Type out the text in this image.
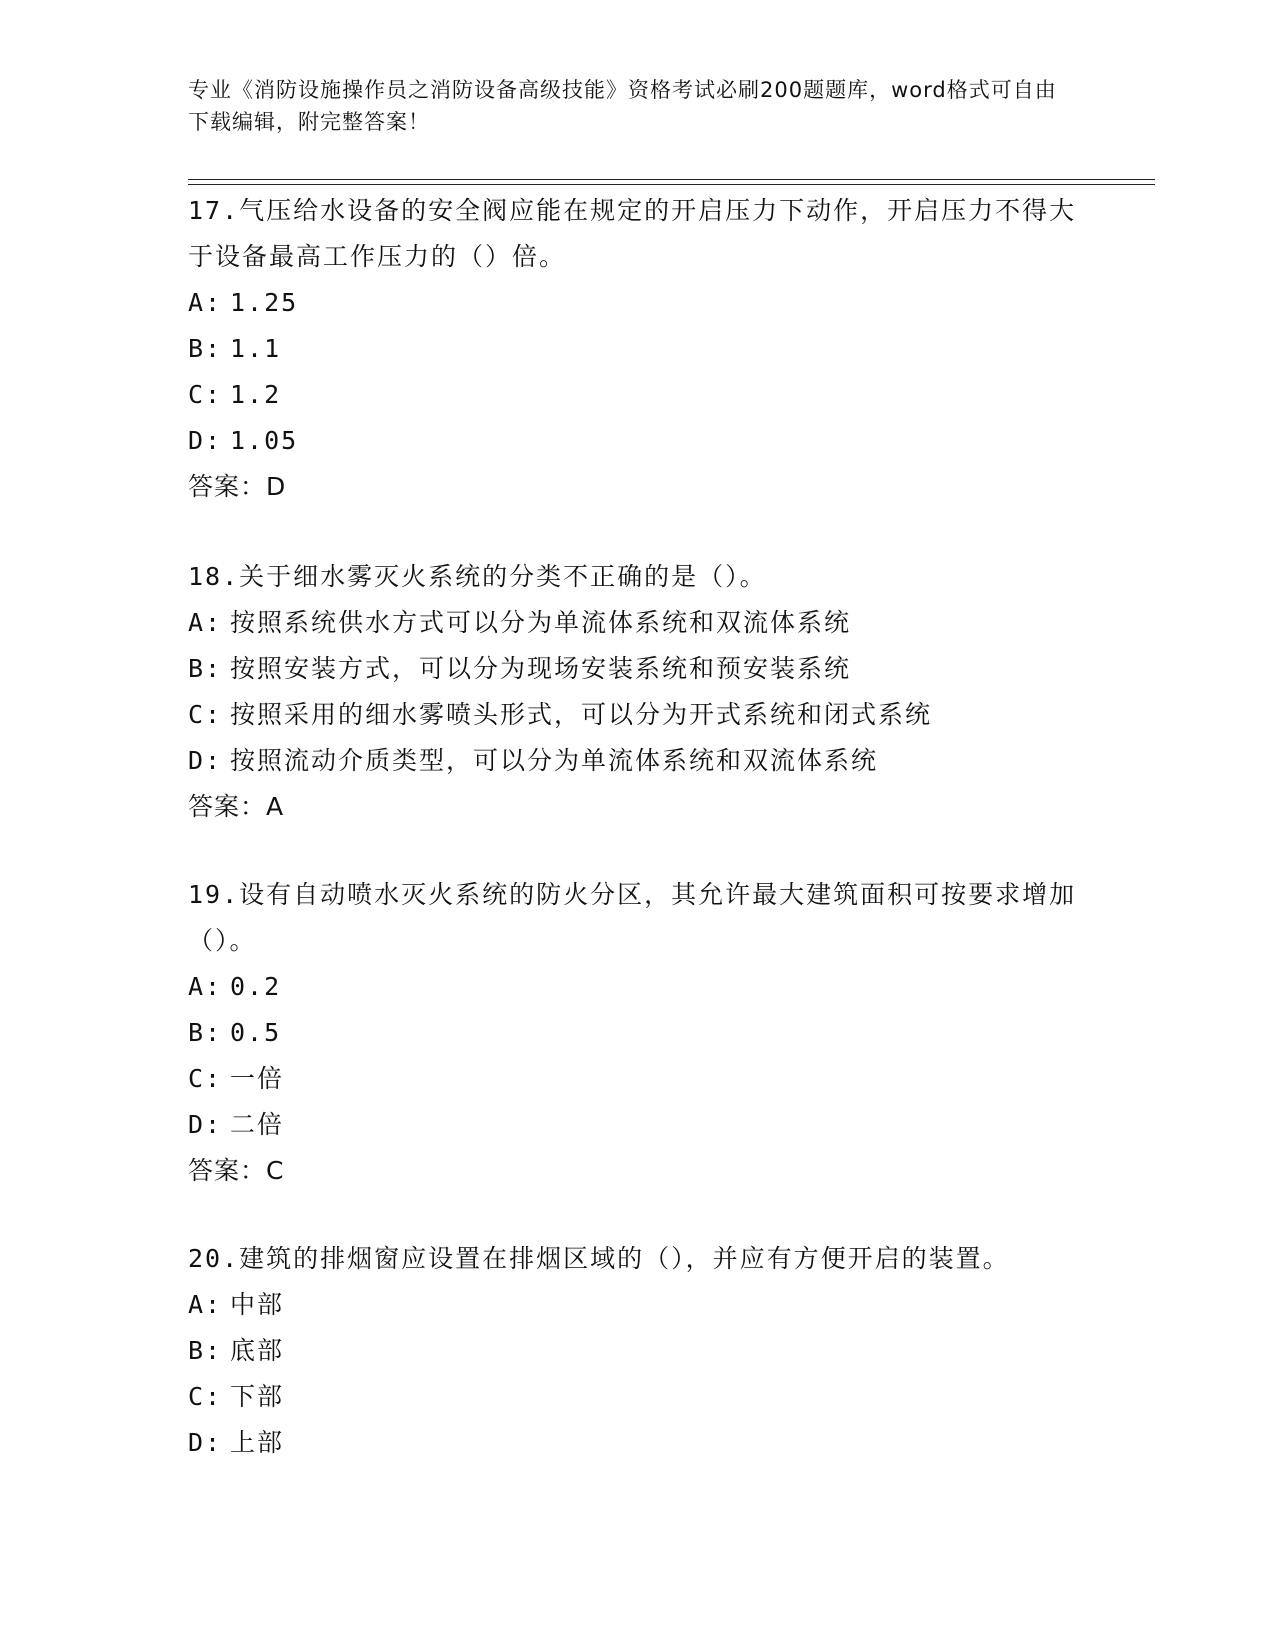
专业《消防设施操作员之消防设备高级技能》资格考试必刷200题题库，word格式可自由下载编辑，附完整答案！

17.气压给水设备的安全阀应能在规定的开启压力下动作，开启压力不得大于设备最高工作压力的（）倍。

A: 1.25
B: 1.1
C: 1.2
D: 1.05
答案：D

18.关于细水雾灭火系统的分类不正确的是（）。

A: 按照系统供水方式可以分为单流体系统和双流体系统
B: 按照安装方式，可以分为现场安装系统和预安装系统
C: 按照采用的细水雾喷头形式，可以分为开式系统和闭式系统
D: 按照流动介质类型，可以分为单流体系统和双流体系统
答案：A

19.设有自动喷水灭火系统的防火分区，其允许最大建筑面积可按要求增加（）。

A: 0.2
B: 0.5
C: 一倍
D: 二倍
答案：C

20.建筑的排烟窗应设置在排烟区域的（），并应有方便开启的装置。

A: 中部
B: 底部
C: 下部
D: 上部
